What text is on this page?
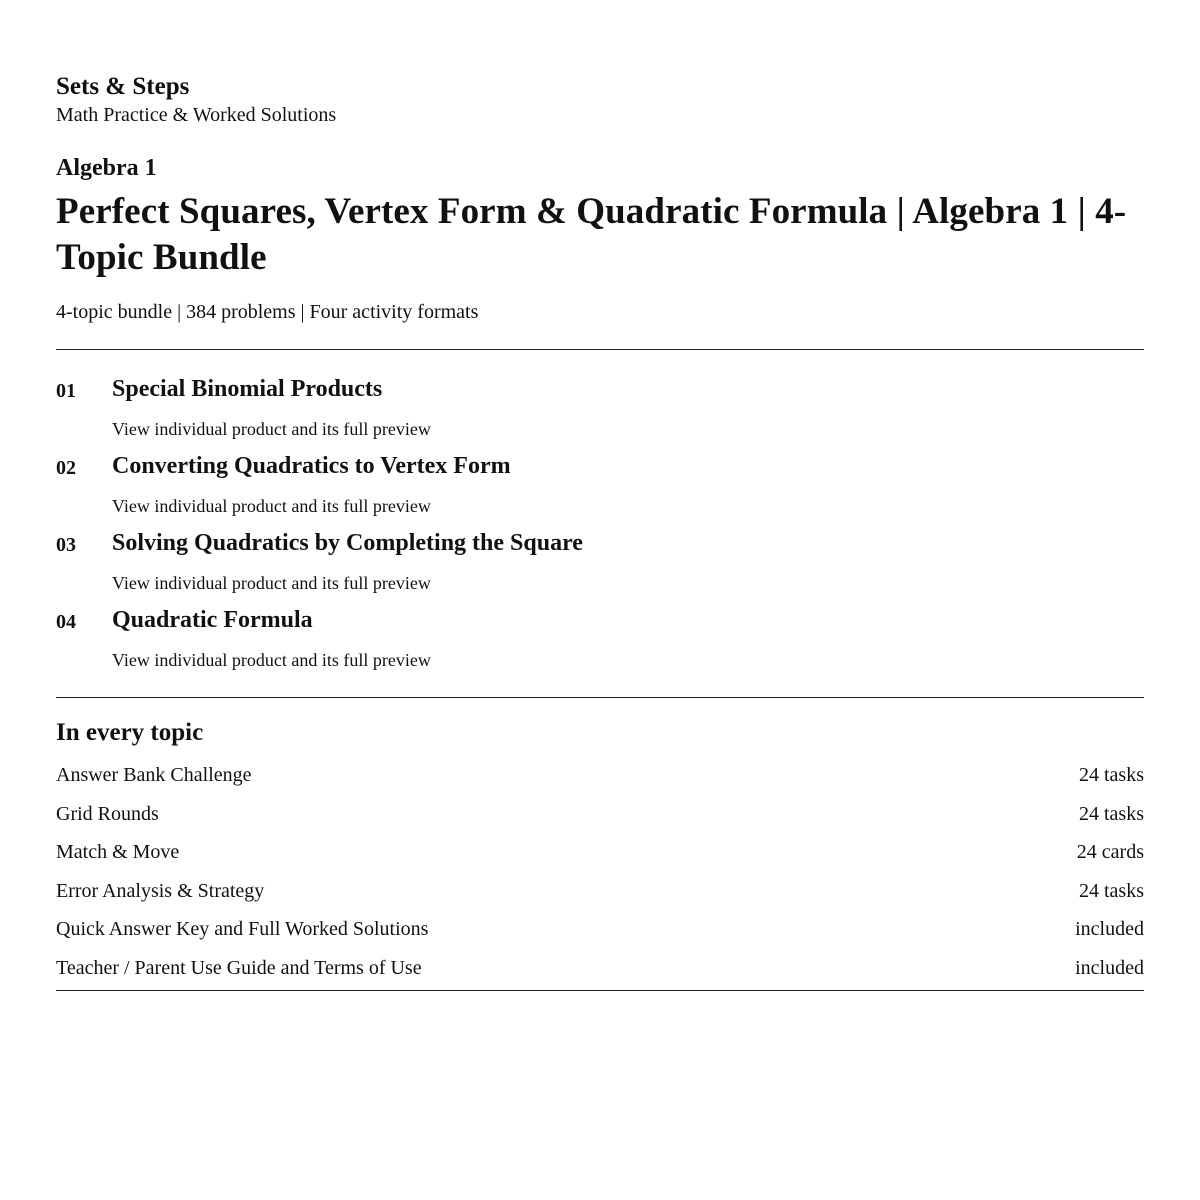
Sets & Steps
Math Practice & Worked Solutions
Algebra 1
Perfect Squares, Vertex Form & Quadratic Formula | Algebra 1 | 4-Topic Bundle
4-topic bundle | 384 problems | Four activity formats
01 Special Binomial Products
View individual product and its full preview
02 Converting Quadratics to Vertex Form
View individual product and its full preview
03 Solving Quadratics by Completing the Square
View individual product and its full preview
04 Quadratic Formula
View individual product and its full preview
In every topic
Answer Bank Challenge	24 tasks
Grid Rounds	24 tasks
Match & Move	24 cards
Error Analysis & Strategy	24 tasks
Quick Answer Key and Full Worked Solutions	included
Teacher / Parent Use Guide and Terms of Use	included
